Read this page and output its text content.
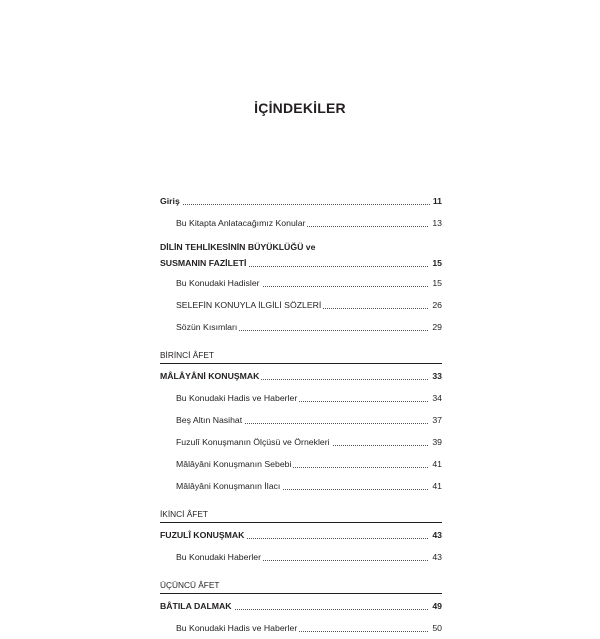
İÇİNDEKİLER
Giriş	11
Bu Kitapta Anlatacağımız Konular	13
DİLİN TEHLİKESİNİN BÜYÜKLÜĞÜ ve
SUSMANIN FAZİLETİ	15
Bu Konudaki Hadisler	15
SELEFİN KONUYLA İLGİLİ SÖZLERİ	26
Sözün Kısımları	29
BİRİNCİ ÂFET
MÂLÂYÂNİ KONUŞMAK	33
Bu Konudaki Hadis ve Haberler	34
Beş Altın Nasihat	37
Fuzulî Konuşmanın Ölçüsü ve Örnekleri	39
Mâlâyâni Konuşmanın Sebebi	41
Mâlâyâni Konuşmanın İlacı	41
İKİNCİ ÂFET
FUZULÎ KONUŞMAK	43
Bu Konudaki Haberler	43
ÜÇÜNCÜ ÂFET
BÂTILA DALMAK	49
Bu Konudaki Hadis ve Haberler	50
